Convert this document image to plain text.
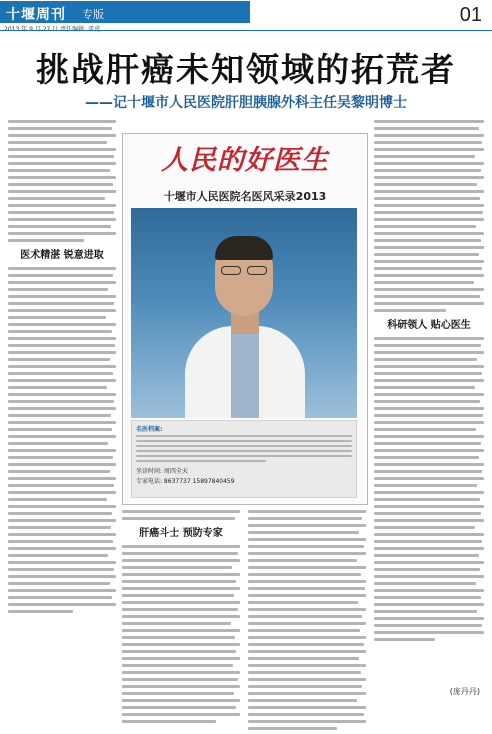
十堰周刊 专版	01
挑战肝癌未知领域的拓荒者
——记十堰市人民医院肝胆胰腺外科主任吴黎明博士
医术精湛 锐意进取
人民的好医生
十堰市人民医院名医风采录2013
名医档案:
坐诊时间: 周四全天
专家电话: 8637737 15897840459
肝癌斗士 预防专家
科研领人 贴心医生
(庞丹丹)
